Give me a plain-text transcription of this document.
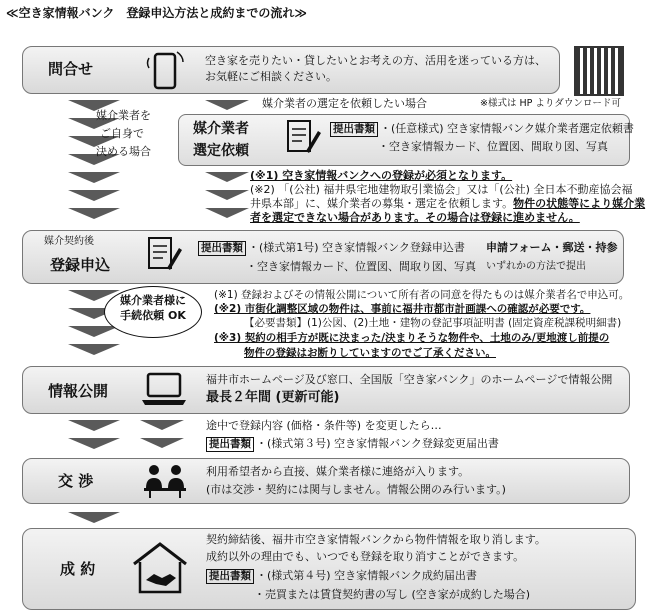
≪空き家情報バンク　登録申込方法と成約までの流れ≫
問合せ	空き家を売りたい・貸したいとお考えの方、活用を迷っている方は、
お気軽にご相談ください。
媒介業者を
ご自身で
決める場合
媒介業者の選定を依頼したい場合	※様式は HP よりダウンロード可
媒介業者
選定依頼
提出書類 ・(任意様式) 空き家情報バンク媒介業者選定依頼書
・空き家情報カード、位置図、間取り図、写真
(※1) 空き家情報バンクへの登録が必須となります。
(※2) 「(公社) 福井県宅地建物取引業協会」又は「(公社) 全日本不動産協会福
井県本部」に、媒介業者の募集・選定を依頼します。物件の状態等により媒介業
者を選定できない場合があります。その場合は登録に進めません。
媒介契約後
登録申込
提出書類 ・(様式第1号) 空き家情報バンク登録申込書
・空き家情報カード、位置図、間取り図、写真
申請フォーム・郵送・持参
いずれかの方法で提出
媒介業者様に
手続依頼 OK
(※1) 登録およびその情報公開について所有者の同意を得たものは媒介業者名で申込可。
(※2) 市街化調整区域の物件は、事前に福井市都市計画課への確認が必要です。
【必要書類】(1)公図、(2)土地・建物の登記事項証明書 (固定資産税課税明細書)
(※3) 契約の相手方が既に決まった/決まりそうな物件や、土地のみ/更地渡し前提の
物件の登録はお断りしていますのでご了承ください。
情報公開
福井市ホームページ及び窓口、全国版「空き家バンク」のホームページで情報公開
最長２年間 (更新可能)
途中で登録内容 (価格・条件等) を変更したら…
提出書類 ・(様式第３号) 空き家情報バンク登録変更届出書
交 渉
利用希望者から直接、媒介業者様に連絡が入ります。
(市は交渉・契約には関与しません。情報公開のみ行います。)
成 約
契約締結後、福井市空き家情報バンクから物件情報を取り消します。
成約以外の理由でも、いつでも登録を取り消すことができます。
提出書類 ・(様式第４号) 空き家情報バンク成約届出書
・売買または賃貸契約書の写し (空き家が成約した場合)
